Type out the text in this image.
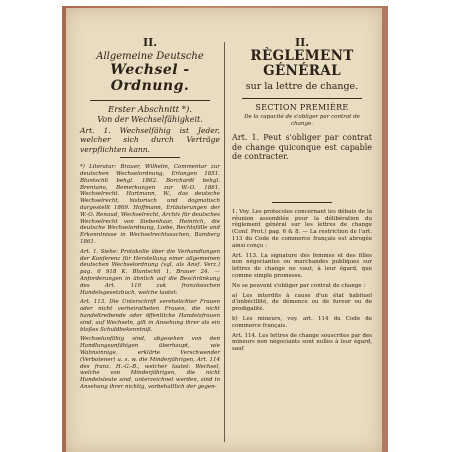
II.
Allgemeine Deutsche
Wechsel - Ordnung.
Erster Abschnitt *).
Von der Wechselfähigkeit.
Art. 1. Wechselfähig ist Jeder, welcher sich durch Verträge verpflichten kann.
*) Literatur: Brauer, Wilhelm, Commentar zur deutschen Wechselordnung, Erlangen 1851. Bluntschli behgl. 1862. Borchardt behgl. Brentano, Bemerkungen zur W.-O. 1861. Wechselrecht. Hartmann, W., das deutsche Wechselrecht, historisch und dogmatisch dargestellt 1869. Hoffmann, Erläuterungen der W.-O. Renaud, Wechselrecht, Archiv für deutsches Wechselrecht von Siebenhaar, Heinrich, die deutsche Wechselordnung, Liebe, Rechtsfälle und Erkenntnisse in Wechselrechtssachen, Bamberg 1861.
Art. 1. Siehe: Protokolle über die Verhandlungen der Konferenz für Herstellung einer allgemeinen deutschen Wechselordnung (vgl. als Ansf. Verz.) pag. 6 918 K. Bluntschli 1, Brauer 24. — Anforderungen in ähnlich auf die Beschränkung des Art. 110 zuk französischen Handelsgesetzbuch, welche lautet:
Art. 113. Die Unterschrift verehelichter Frauen oder nicht verheiratheten Frauen, die nicht handeltreibende oder öffentliche Handelsfrauen sind, auf Wechseln, gilt in Ansehung ihrer als ein bloßes Schuldbekenntniß.
Wechselunfähig sind, abgesehen von den Handlungsunfähigen überhaupt, wie Wahnsinnige, erklärte Verschwender (Verbotener) u. s. w. die Minderjährigen, Art. 114 des franz. H.-G.-B., welcher lautet: Wechsel, welche von Minderjährigen, die nicht Handelsleute sind, unterzeichnet werden, sind in Ansehung ihrer nichtig, vorbehaltlich der gegen-
II.
RÈGLEMENT GÉNÉRAL
sur la lettre de change.
SECTION PREMIÈRE
De la capacité de s'obliger par contrat de change.
Art. 1. Peut s'obliger par contrat de change quiconque est capable de contracter.
1. Voy. Les protocoles concernant les débats de la réunion assemblée pour la délibération du règlement général sur les lettres de change (Conf. Prot.) pag. 6 & 8. — La restriction de l'art. 113 du Code de commerce français est abrogée ainsi conçu :
Art. 113. La signature des femmes et des filles non négociantes ou marchandes publiques sur lettres de change ne vaut, à leur égard, que comme simple promesse.
Ne se peuvent s'obliger par contrat de change :
a) Les interdits à cause d'un état habituel d'imbécillité, de démence ou de fureur ou de prodigalité.
b) Les mineurs, voy. art. 114 du Code de commerce français.
Art. 114. Les lettres de change souscrites par des mineurs non négociants sont nulles à leur égard, sauf
